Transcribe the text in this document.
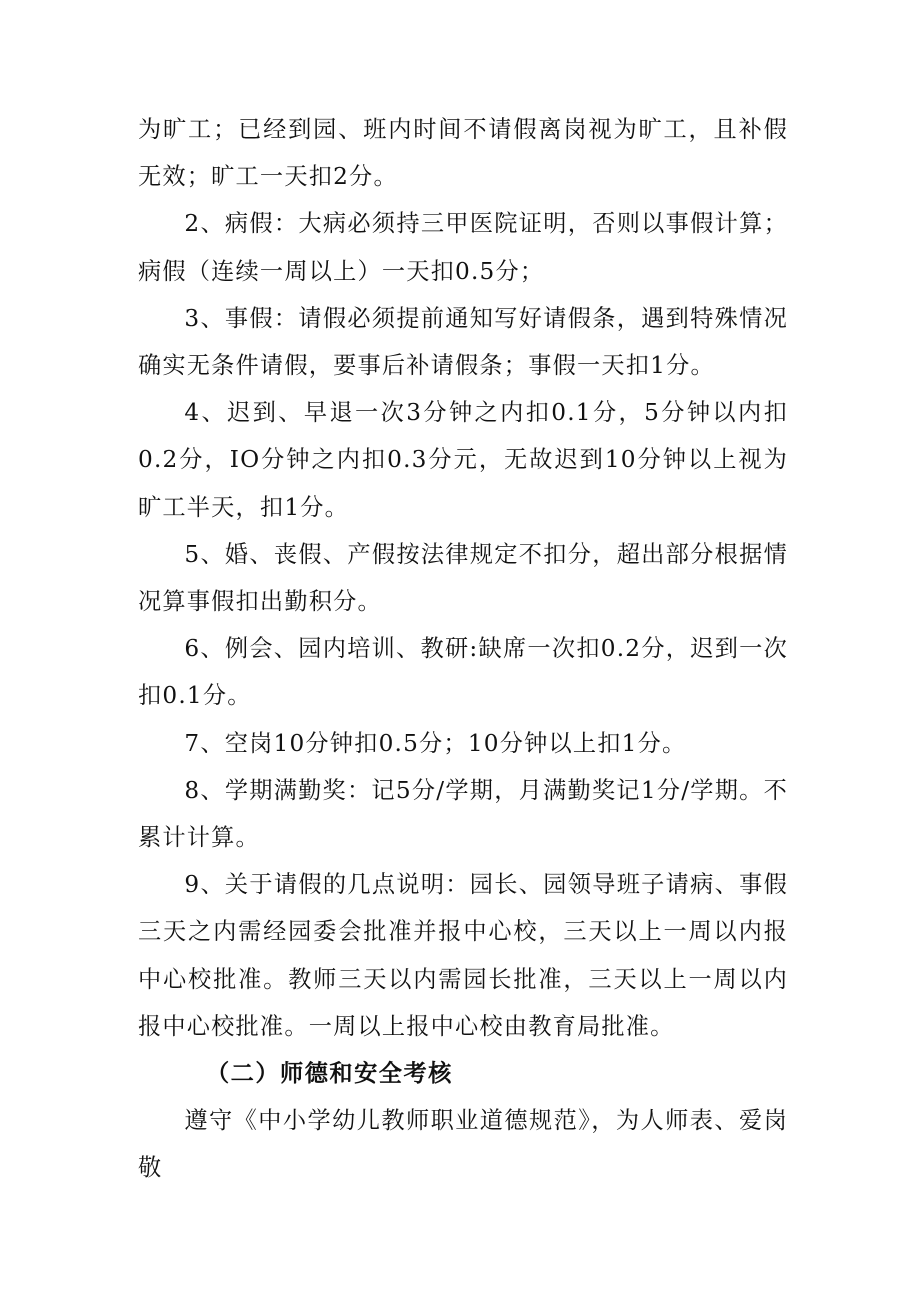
为旷工；已经到园、班内时间不请假离岗视为旷工，且补假无效；旷工一天扣2分。

2、病假：大病必须持三甲医院证明，否则以事假计算；病假（连续一周以上）一天扣0.5分；

3、事假：请假必须提前通知写好请假条，遇到特殊情况确实无条件请假，要事后补请假条；事假一天扣1分。

4、迟到、早退一次3分钟之内扣0.1分，5分钟以内扣0.2分，IO分钟之内扣0.3分元，无故迟到10分钟以上视为旷工半天，扣1分。

5、婚、丧假、产假按法律规定不扣分，超出部分根据情况算事假扣出勤积分。

6、例会、园内培训、教研:缺席一次扣0.2分，迟到一次扣0.1分。

7、空岗10分钟扣0.5分；10分钟以上扣1分。

8、学期满勤奖：记5分/学期，月满勤奖记1分/学期。不累计计算。

9、关于请假的几点说明：园长、园领导班子请病、事假三天之内需经园委会批准并报中心校，三天以上一周以内报中心校批准。教师三天以内需园长批准，三天以上一周以内报中心校批准。一周以上报中心校由教育局批准。

（二）师德和安全考核

遵守《中小学幼儿教师职业道德规范》，为人师表、爱岗敬
